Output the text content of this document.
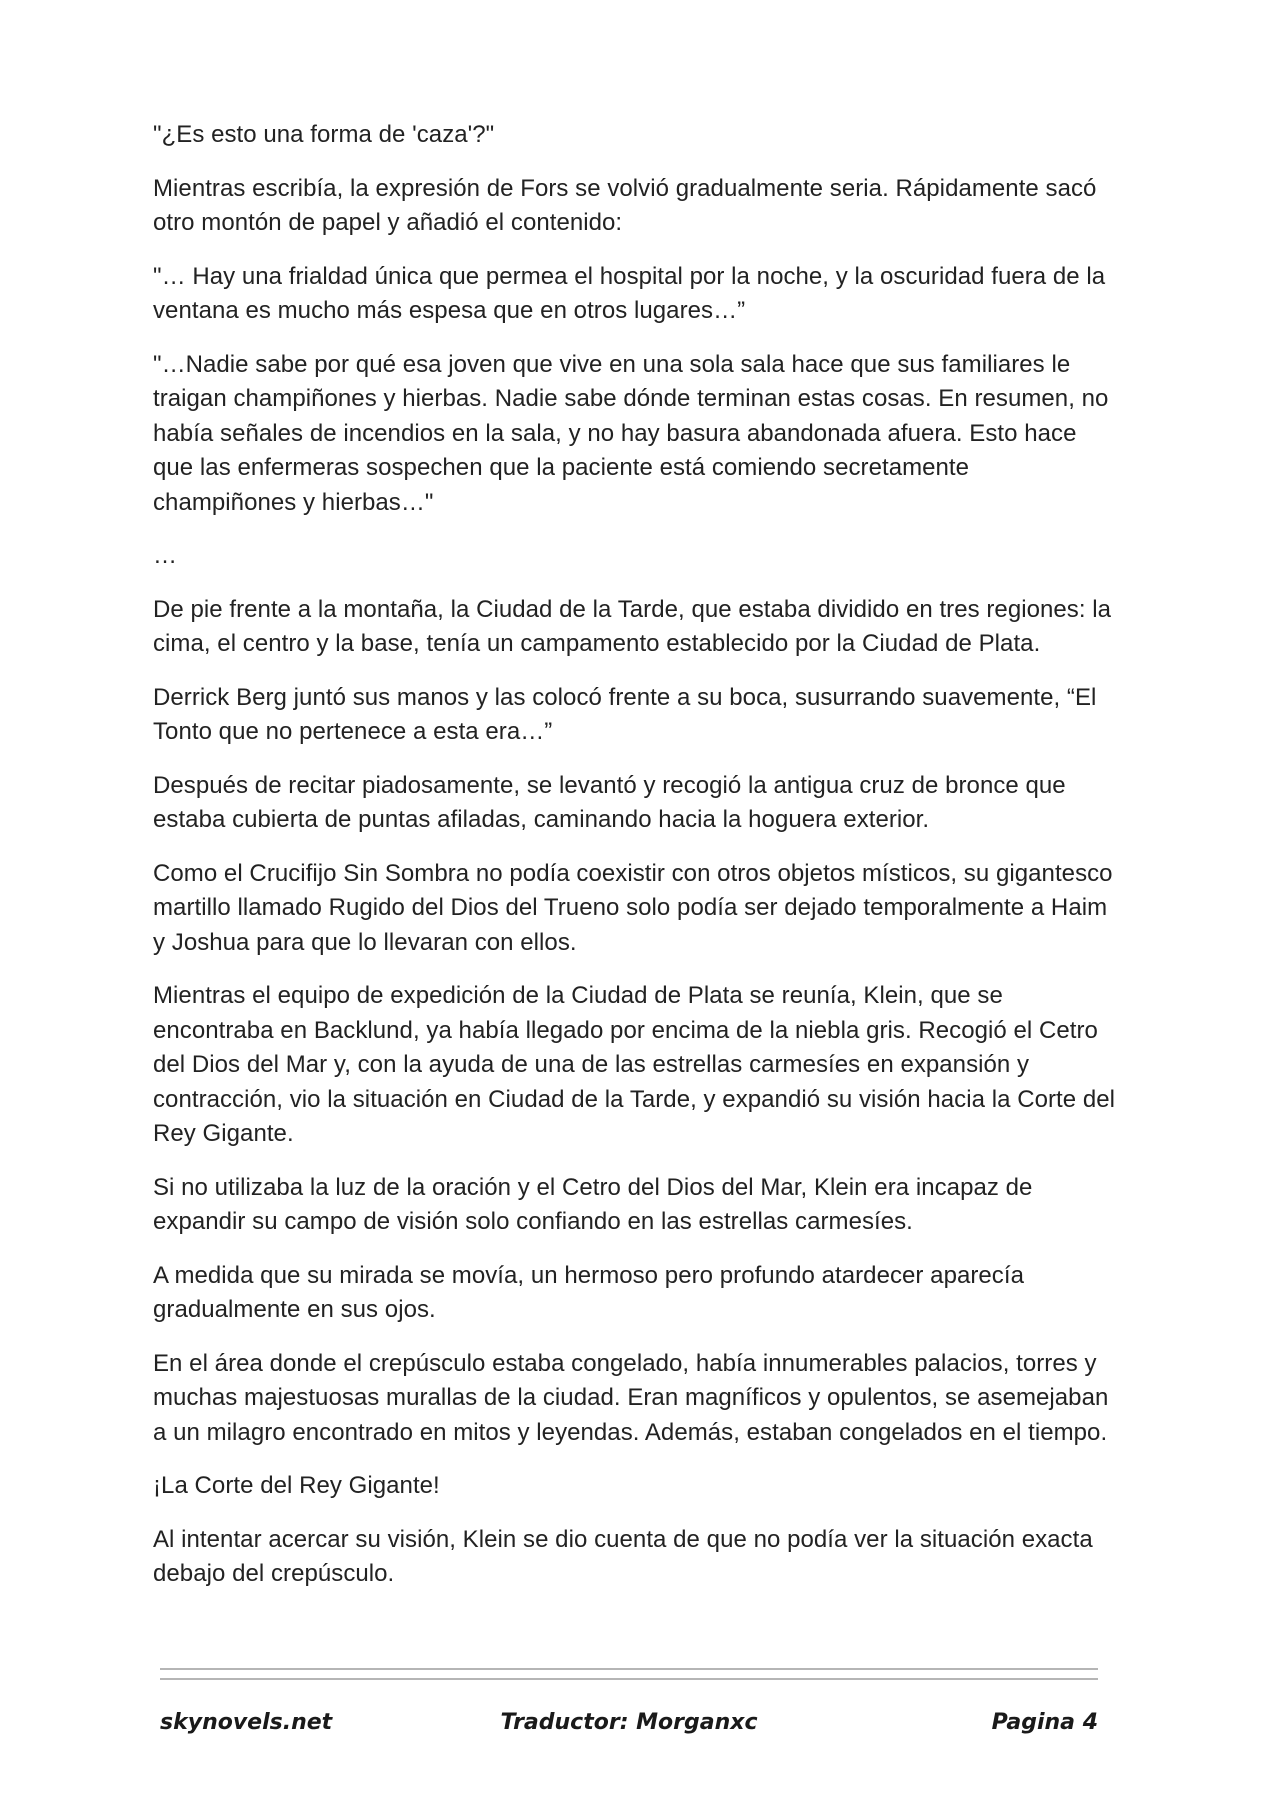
"¿Es esto una forma de 'caza'?"

Mientras escribía, la expresión de Fors se volvió gradualmente seria. Rápidamente sacó otro montón de papel y añadió el contenido:

"… Hay una frialdad única que permea el hospital por la noche, y la oscuridad fuera de la ventana es mucho más espesa que en otros lugares…”

"…Nadie sabe por qué esa joven que vive en una sola sala hace que sus familiares le traigan champiñones y hierbas. Nadie sabe dónde terminan estas cosas. En resumen, no había señales de incendios en la sala, y no hay basura abandonada afuera. Esto hace que las enfermeras sospechen que la paciente está comiendo secretamente champiñones y hierbas…"

…

De pie frente a la montaña, la Ciudad de la Tarde, que estaba dividido en tres regiones: la cima, el centro y la base, tenía un campamento establecido por la Ciudad de Plata.

Derrick Berg juntó sus manos y las colocó frente a su boca, susurrando suavemente, “El Tonto que no pertenece a esta era…”

Después de recitar piadosamente, se levantó y recogió la antigua cruz de bronce que estaba cubierta de puntas afiladas, caminando hacia la hoguera exterior.

Como el Crucifijo Sin Sombra no podía coexistir con otros objetos místicos, su gigantesco martillo llamado Rugido del Dios del Trueno solo podía ser dejado temporalmente a Haim y Joshua para que lo llevaran con ellos.

Mientras el equipo de expedición de la Ciudad de Plata se reunía, Klein, que se encontraba en Backlund, ya había llegado por encima de la niebla gris. Recogió el Cetro del Dios del Mar y, con la ayuda de una de las estrellas carmesíes en expansión y contracción, vio la situación en Ciudad de la Tarde, y expandió su visión hacia la Corte del Rey Gigante.

Si no utilizaba la luz de la oración y el Cetro del Dios del Mar, Klein era incapaz de expandir su campo de visión solo confiando en las estrellas carmesíes.

A medida que su mirada se movía, un hermoso pero profundo atardecer aparecía gradualmente en sus ojos.

En el área donde el crepúsculo estaba congelado, había innumerables palacios, torres y muchas majestuosas murallas de la ciudad. Eran magníficos y opulentos, se asemejaban a un milagro encontrado en mitos y leyendas. Además, estaban congelados en el tiempo.

¡La Corte del Rey Gigante!

Al intentar acercar su visión, Klein se dio cuenta de que no podía ver la situación exacta debajo del crepúsculo.

skynovels.net	Traductor: Morganxc	Pagina 4
